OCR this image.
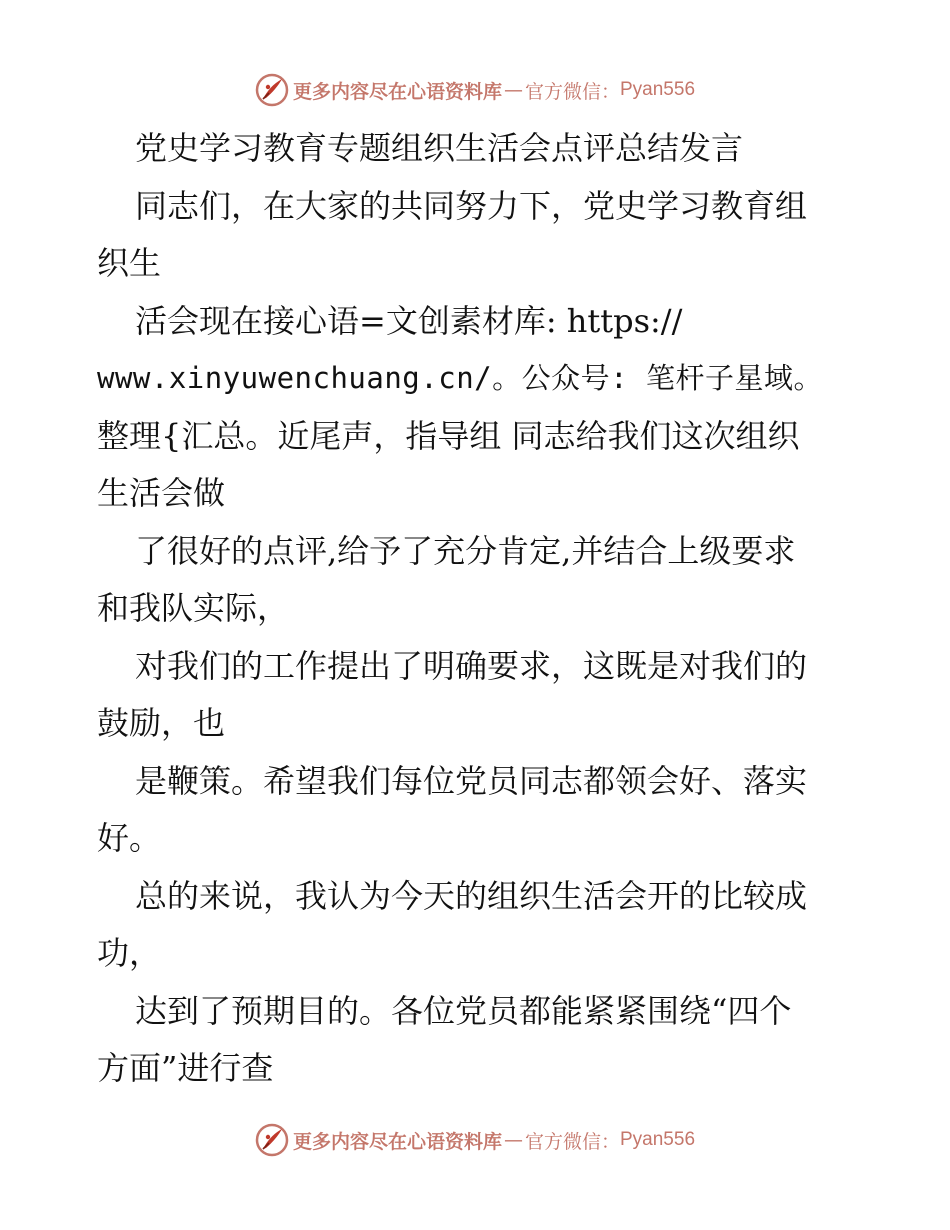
更多内容尽在心语资料库 — 官方微信： Pyan556
党史学习教育专题组织生活会点评总结发言
同志们，在大家的共同努力下，党史学习教育组
织生
活会现在接心语=文创素材库: https://
www.xinyuwenchuang.cn/。公众号: 笔杆子星域。
整理{汇总。近尾声，指导组 同志给我们这次组织
生活会做
了很好的点评,给予了充分肯定,并结合上级要求
和我队实际，
对我们的工作提出了明确要求，这既是对我们的
鼓励，也
是鞭策。希望我们每位党员同志都领会好、落实
好。
总的来说，我认为今天的组织生活会开的比较成
功，
达到了预期目的。各位党员都能紧紧围绕“四个
方面”进行查
更多内容尽在心语资料库 — 官方微信： Pyan556
